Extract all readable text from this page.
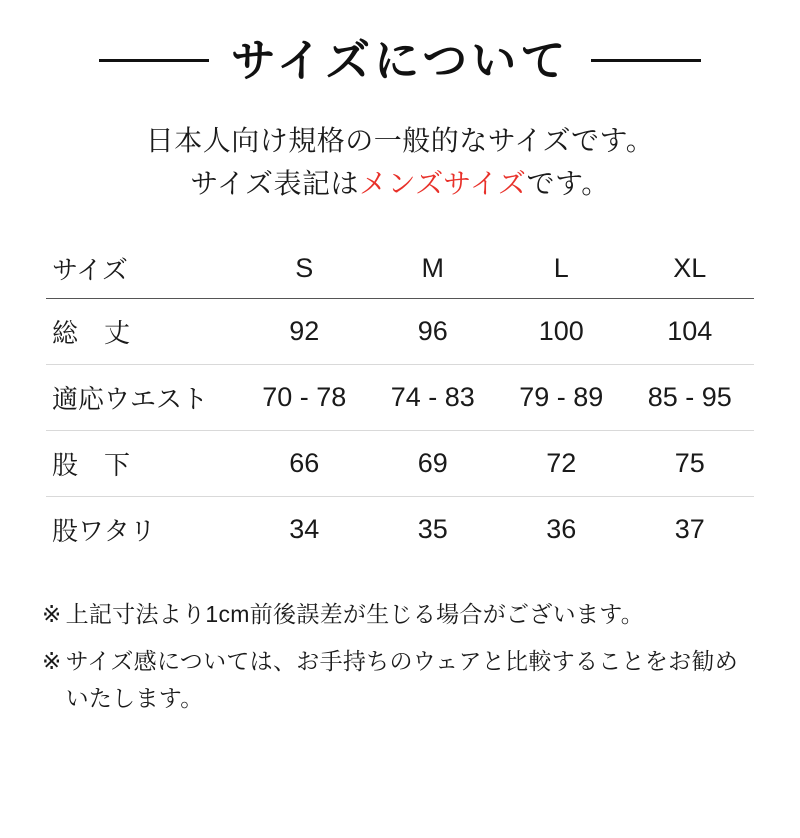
サイズについて
日本人向け規格の一般的なサイズです。
サイズ表記はメンズサイズです。
サイズ	S	M	L	XL
総　丈	92	96	100	104
適応ウエスト	70 - 78	74 - 83	79 - 89	85 - 95
股　下	66	69	72	75
股ワタリ	34	35	36	37
※ 上記寸法より1cm前後誤差が生じる場合がございます。
※ サイズ感については、お手持ちのウェアと比較することをお勧めいたします。
